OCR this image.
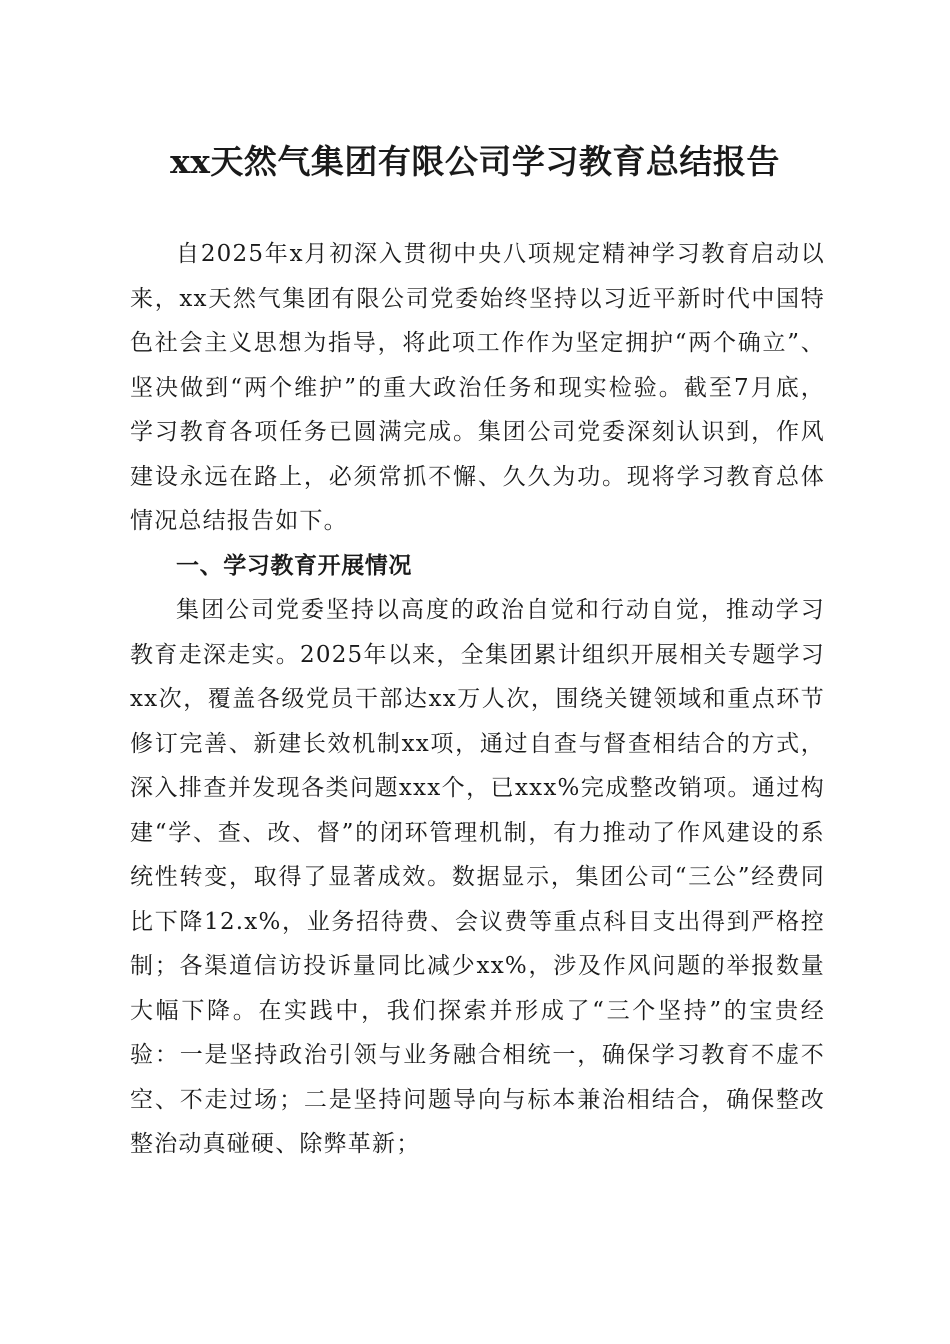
xx天然气集团有限公司学习教育总结报告

自2025年x月初深入贯彻中央八项规定精神学习教育启动以来，xx天然气集团有限公司党委始终坚持以习近平新时代中国特色社会主义思想为指导，将此项工作作为坚定拥护“两个确立”、坚决做到“两个维护”的重大政治任务和现实检验。截至7月底，学习教育各项任务已圆满完成。集团公司党委深刻认识到，作风建设永远在路上，必须常抓不懈、久久为功。现将学习教育总体情况总结报告如下。

一、学习教育开展情况

集团公司党委坚持以高度的政治自觉和行动自觉，推动学习教育走深走实。2025年以来，全集团累计组织开展相关专题学习xx次，覆盖各级党员干部达xx万人次，围绕关键领域和重点环节修订完善、新建长效机制xx项，通过自查与督查相结合的方式，深入排查并发现各类问题xxx个，已xxx%完成整改销项。通过构建“学、查、改、督”的闭环管理机制，有力推动了作风建设的系统性转变，取得了显著成效。数据显示，集团公司“三公”经费同比下降12.x%，业务招待费、会议费等重点科目支出得到严格控制；各渠道信访投诉量同比减少xx%，涉及作风问题的举报数量大幅下降。在实践中，我们探索并形成了“三个坚持”的宝贵经验：一是坚持政治引领与业务融合相统一，确保学习教育不虚不空、不走过场；二是坚持问题导向与标本兼治相结合，确保整改整治动真碰硬、除弊革新；
